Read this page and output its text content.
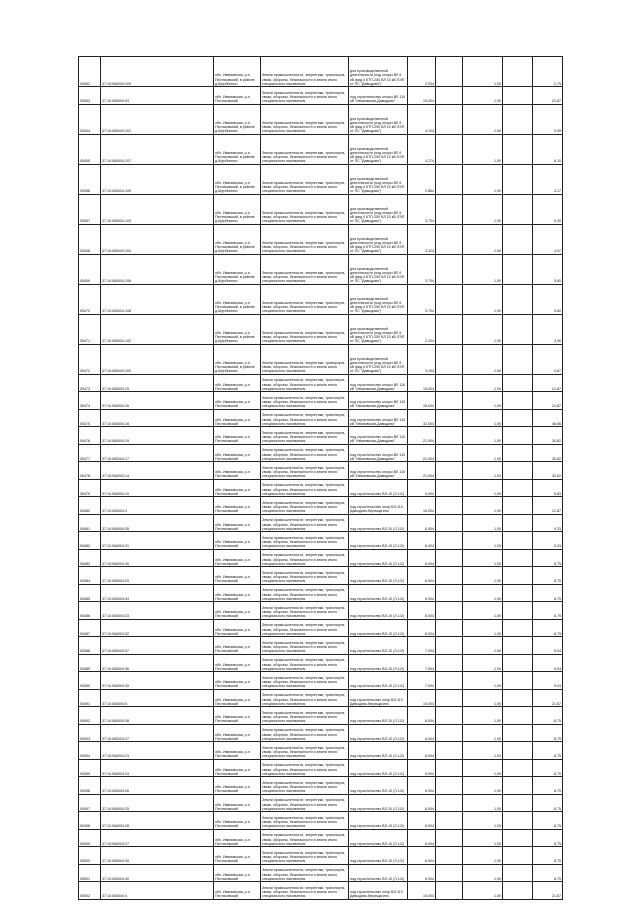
05452	37:10:084004:109	обл. Ивановская, р-н Пестяковский, в районе д.Щербинино	Земли промышленности, энергетики, транспорта, связи, обороны, безопасности и земли иного специального назначения	для производственной деятельности (под опоры ВЛ 6 кВ фид.4 КТП-250 ВЛ 10 кВ ЛЭП от ПС "Давыдово")	2,004		1,00		2,79
05453	37:10:084004:93	обл. Ивановская, р-н Пестяковский	Земли промышленности, энергетики, транспорта, связи, обороны, безопасности и земли иного специального назначения	под строительство опоры ВЛ 110 кВ "Ивановская-Давыдово"	15,004		1,00		21,87
05454	37:10:084004:101	обл. Ивановская, р-н Пестяковский, в районе д.Щербинино	Земли промышленности, энергетики, транспорта, связи, обороны, безопасности и земли иного специального назначения	для производственной деятельности (под опоры ВЛ 6 кВ фид.4 КТП-250 ВЛ 10 кВ ЛЭП от ПС "Давыдово")	4,104		1,00		5,95
05455	37:10:084004:107	обл. Ивановская, р-н Пестяковский, в районе д.Щербинино	Земли промышленности, энергетики, транспорта, связи, обороны, безопасности и земли иного специального назначения	для производственной деятельности (под опоры ВЛ 6 кВ фид.4 КТП-250 ВЛ 10 кВ ЛЭП от ПС "Давыдово")	4,274		1,00		6,10
05456	37:10:084004:105	обл. Ивановская, р-н Пестяковский, в районе д.Щербинино	Земли промышленности, энергетики, транспорта, связи, обороны, безопасности и земли иного специального назначения	для производственной деятельности (под опоры ВЛ 6 кВ фид.4 КТП-250 ВЛ 10 кВ ЛЭП от ПС "Давыдово")	2,864		1,00		4,17
05457	37:10:084004:103	обл. Ивановская, р-н Пестяковский, в районе д.Щербинино	Земли промышленности, энергетики, транспорта, связи, обороны, безопасности и земли иного специального назначения	для производственной деятельности (под опоры ВЛ 6 кВ фид.4 КТП-250 ВЛ 10 кВ ЛЭП от ПС "Давыдово")	3,704		1,00		5,39
05458	37:10:084004:104	обл. Ивановская, р-н Пестяковский, в районе д.Щербинино	Земли промышленности, энергетики, транспорта, связи, обороны, безопасности и земли иного специального назначения	для производственной деятельности (под опоры ВЛ 6 кВ фид.4 КТП-250 ВЛ 10 кВ ЛЭП от ПС "Давыдово")	3,424		1,00		4,97
05459	37:10:084004:106	обл. Ивановская, р-н Пестяковский, в районе д.Щербинино	Земли промышленности, энергетики, транспорта, связи, обороны, безопасности и земли иного специального назначения	для производственной деятельности (под опоры ВЛ 6 кВ фид.4 КТП-250 ВЛ 10 кВ ЛЭП от ПС "Давыдово")	3,704		1,00		5,60
05470	37:10:084004:108	обл. Ивановская, р-н Пестяковский, в районе д.Щербинино	Земли промышленности, энергетики, транспорта, связи, обороны, безопасности и земли иного специального назначения	для производственной деятельности (под опоры ВЛ 6 кВ фид.4 КТП-250 ВЛ 10 кВ ЛЭП от ПС "Давыдово")	3,704		1,00		5,60
05471	37:10:084004:102	обл. Ивановская, р-н Пестяковский, в районе д.Щербинино	Земли промышленности, энергетики, транспорта, связи, обороны, безопасности и земли иного специального назначения	для производственной деятельности (под опоры ВЛ 6 кВ фид.4 КТП-250 ВЛ 10 кВ ЛЭП от ПС "Давыдово")	2,104		1,00		3,06
05472	37:10:084004:100	обл. Ивановская, р-н Пестяковский, в районе д.Щербинино	Земли промышленности, энергетики, транspорта, связи, обороны, безопасности и земли иного специального назначения	для производственной деятельности (под опоры ВЛ 6 кВ фид.4 КТП-250 ВЛ 10 кВ ЛЭП от ПС "Давыдово")	3,154		1,00		4,67
05473	37:10:084004:15	обл. Ивановская, р-н Пестяковский	Земли промышленности, энергетики, транспорта, связи, обороны, безопасности и земли иного специального назначения	под строительство опоры ВЛ 110 кВ "Ивановская-Давыдово"	15,004		1,00		21,87
05474	37:10:084004:16	обл. Ивановская, р-н Пестяковский	Земли промышленности, энергетики, транспорта, связи, обороны, безопасности и земли иного специального назначения	под строительство опоры ВЛ 110 кВ "Ивановская-Давыдово"	15,004		1,00		21,87
05475	37:10:084004:18	обл. Ивановская, р-н Пестяковский	Земли промышленности, энергетики, транспорта, связи, обороны, безопасности и земли иного специального назначения	под строительство опоры ВЛ 110 кВ "Ивановская-Давыдово"	32,004		1,00		46,66
05476	37:10:084004:19	обл. Ивановская, р-н Пестяковский	Земли промышленности, энергетики, транспорта, связи, обороны, безопасности и земли иного специального назначения	под строительство опоры ВЛ 110 кВ "Ивановская-Давыдово"	21,004		1,00		30,62
05477	37:10:084004:17	обл. Ивановская, р-н Пестяковский	Земли промышленности, энергетики, транспорта, связи, обороны, безопасности и земли иного специального назначения	под строительство опоры ВЛ 110 кВ "Ивановская-Давыдово"	21,004		1,00		30,62
05478	37:10:084004:14	обл. Ивановская, р-н Пестяковский	Земли промышленности, энергетики, транспорта, связи, обороны, безопасности и земли иного специального назначения	под строительство опоры ВЛ 110 кВ "Ивановская-Давыдово"	21,004		1,00		30,62
05479	37:10:084004:10	обл. Ивановская, р-н Пестяковский	Земли промышленности, энергетики, транспорта, связи, обороны, безопасности и земли иного специального назначения	под строительство ВЛ-10 (Л-1/2)	4,004		1,00		5,83
05480	37:10:084004:3	обл. Ивановская, р-н Пестяковский	Земли промышленности, энергетики, транспорта, связи, обороны, безопасности и земли иного специального назначения	под строительство опор ВЛ-110 Давыдово-Верещагино	15,004		1,00		21,87
05481	37:10:084004:35	обл. Ивановская, р-н Пестяковский	Земли промышленности, энергетики, транспорта, связи, обороны, безопасности и земли иного специального назначения	под строительство ВЛ-10 (Л-1/2)	6,404		1,00		9,33
05482	37:10:084004:31	обл. Ивановская, р-н Пестяковский	Земли промышленности, энергетики, транспорта, связи, обороны, безопасности и земли иного специального назначения	под строительство ВЛ-10 (Л-1/2)	6,404		1,00		9,33
05483	37:10:084004:30	обл. Ивановская, р-н Пестяковский	Земли промышленности, энергетики, транспорта, связи, обороны, безопасности и земли иного специального назначения	под строительство ВЛ-10 (Л-1/2)	6,004		1,00		8,75
05484	37:10:084004:29	обл. Ивановская, р-н Пестяковский	Земли промышленности, энергетики, транспорта, связи, обороны, безопасности и земли иного специального назначения	под строительство ВЛ-10 (Л-1/2)	6,004		1,00		8,75
05485	37:10:084004:34	обл. Ивановская, р-н Пестяковский	Земли промышленности, энергетики, транспорта, связи, обороны, безопасности и земли иного специального назначения	под строительство ВЛ-10 (Л-1/2)	6,004		1,00		8,75
05486	37:10:084004:33	обл. Ивановская, р-н Пестяковский	Земли промышленности, энергетики, транспорта, связи, обороны, безопасности и земли иного специального назначения	под строительство ВЛ-10 (Л-1/2)	6,004		1,00		8,75
05487	37:10:084004:32	обл. Ивановская, р-н Пестяковский	Земли промышленности, энергетики, транспорта, связи, обороны, безопасности и земли иного специального назначения	под строительство ВЛ-10 (Л-1/2)	6,004		1,00		8,75
05488	37:10:084004:37	обл. Ивановская, р-н Пестяковский	Земли промышленности, энергетики, транспорта, связи, обороны, безопасности и земли иного специального назначения	под строительство ВЛ-10 (Л-1/2)	7,004		1,00		9,04
05489	37:10:084004:36	обл. Ивановская, р-н Пестяковский	Земли промышленности, энергетики, транспорта, связи, обороны, безопасности и земли иного специального назначения	под строительство ВЛ-10 (Л-1/2)	7,004		1,00		9,04
05490	37:10:084004:39	обл. Ивановская, р-н Пестяковский	Земли промышленности, энергетики, транспорта, связи, обороны, безопасности и земли иного специального назначения	под строительство ВЛ-10 (Л-1/2)	7,004		1,00		9,04
05491	37:10:084004:5	обл. Ивановская, р-н Пестяковский	Земли промышленности, энергетики, транспорта, связи, обороны, безопасности и земли иного специального назначения	под строительство опор ВЛ-110 Давыдово-Верещагино	15,004		1,00		21,87
05492	37:10:084004:38	обл. Ивановская, р-н Пестяковский	Земли промышленности, энергетики, транспорта, связи, обороны, безопасности и земли иного специального назначения	под строительство ВЛ-10 (Л-1/2)	6,004		1,00		8,75
05493	37:10:084004:27	обл. Ивановская, р-н Пестяковский	Земли промышленности, энергетики, транспорта, связи, обороны, безопасности и земли иного специального назначения	под строительство ВЛ-10 (Л-1/2)	6,004		1,00		8,75
05494	37:10:084004:23	обл. Ивановская, р-н Пестяковский	Земли промышленности, энергетики, транспорта, связи, обороны, безопасности и земли иного специального назначения	под строительство ВЛ-10 (Л-1/2)	6,004		1,00		8,75
05495	37:10:084004:24	обл. Ивановская, р-н Пестяковский	Земли промышленности, энергетики, транспорта, связи, обороны, безопасности и земли иного специального назначения	под строительство ВЛ-10 (Л-1/2)	6,004		1,00		8,75
05496	37:10:084004:26	обл. Ивановская, р-н Пестяковский	Земли промышленности, энергетики, транспорта, связи, обороны, безопасности и земли иного специального назначения	под строительство ВЛ-10 (Л-1/2)	6,004		1,00		8,75
05497	37:10:084004:25	обл. Ивановская, р-н Пестяковский	Земли промышленности, энергетики, транспорта, связи, обороны, безопасности и земли иного специального назначения	под строительство ВЛ-10 (Л-1/2)	6,004		1,00		8,75
05498	37:10:084004:28	обл. Ивановская, р-н Пестяковский	Земли промышленности, энергетики, транспорта, связи, обороны, безопасности и земли иного специального назначения	под строительство ВЛ-10 (Л-1/2)	6,004		1,00		8,75
05499	37:10:084004:27	обл. Ивановская, р-н Пестяковский	Земли промышленности, энергетики, транспорта, связи, обороны, безопасности и земли иного специального назначения	под строительство ВЛ-10 (Л-1/2)	6,004		1,00		8,75
05500	37:10:084004:39	обл. Ивановская, р-н Пестяковский	Земли промышленности, энергетики, транспорта, связи, обороны, безопасности и земли иного специального назначения	под строительство ВЛ-10 (Л-1/2)	6,004		1,00		8,75
05501	37:10:084004:40	обл. Ивановская, р-н Пестяковский	Земли промышленности, энергетики, транспорта, связи, обороны, безопасности и земли иного специального назначения	под строительство ВЛ-10 (Л-1/2)	6,004		1,00		8,75
05502	37:10:084004:4	обл. Ивановская, р-н Пестяковский	Земли промышленности, энергетики, транспорта, связи, обороны, безопасности и земли иного специального назначения	под строительство опор ВЛ-110 Давыдово-Верещагино	15,004		1,00		21,87
